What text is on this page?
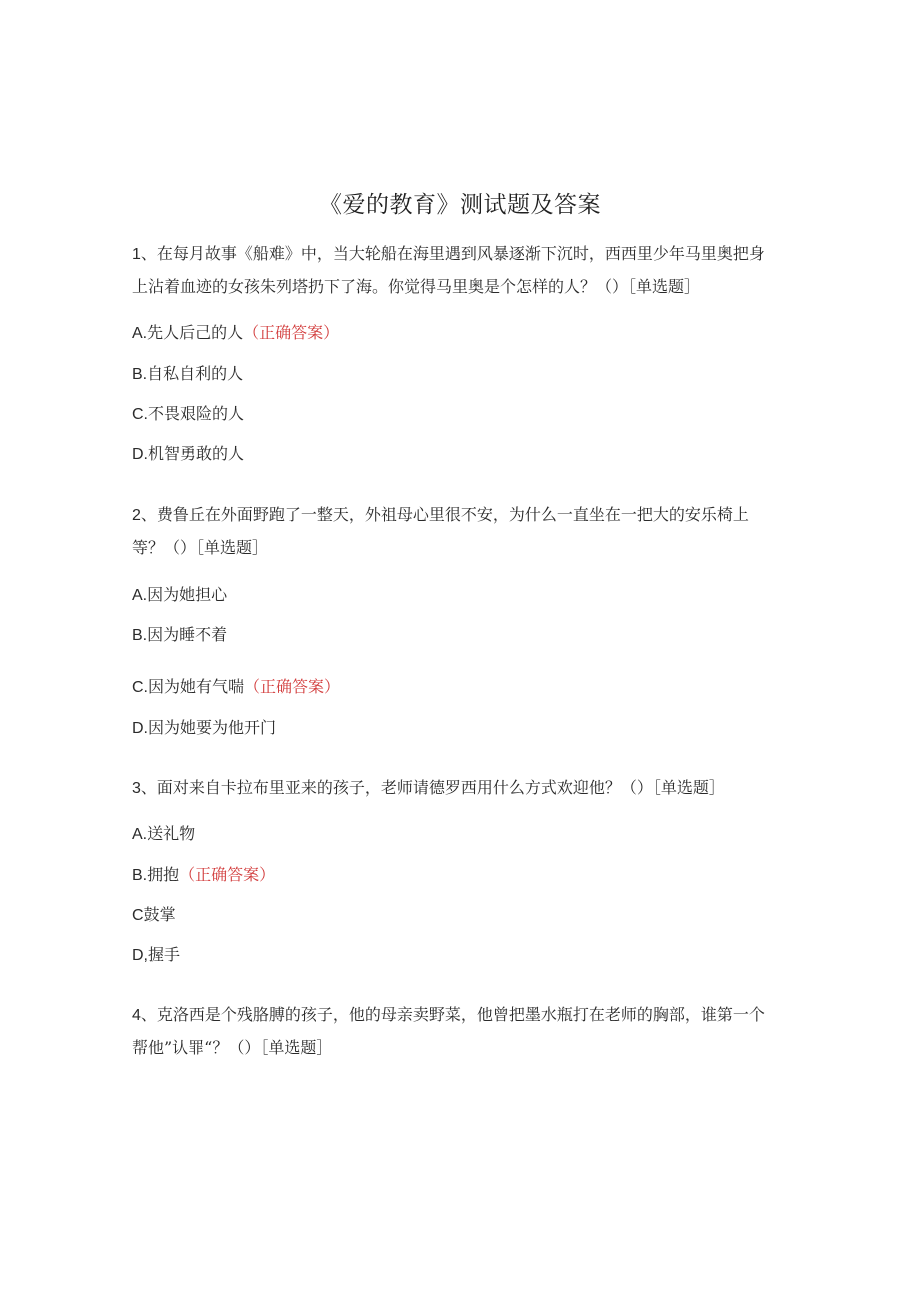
《爱的教育》测试题及答案
1、在每月故事《船难》中，当大轮船在海里遇到风暴逐渐下沉时，西西里少年马里奥把身上沾着血迹的女孩朱列塔扔下了海。你觉得马里奥是个怎样的人？（）［单选题］
A.先人后己的人（正确答案）
B.自私自利的人
C.不畏艰险的人
D.机智勇敢的人
2、费鲁丘在外面野跑了一整天，外祖母心里很不安，为什么一直坐在一把大的安乐椅上等？（）［单选题］
A.因为她担心
B.因为睡不着
C.因为她有气喘（正确答案）
D.因为她要为他开门
3、面对来自卡拉布里亚来的孩子，老师请德罗西用什么方式欢迎他？（）［单选题］
A.送礼物
B.拥抱（正确答案）
C鼓掌
D,握手
4、克洛西是个残胳膊的孩子，他的母亲卖野菜，他曾把墨水瓶打在老师的胸部，谁第一个帮他”认罪“？（）［单选题］
